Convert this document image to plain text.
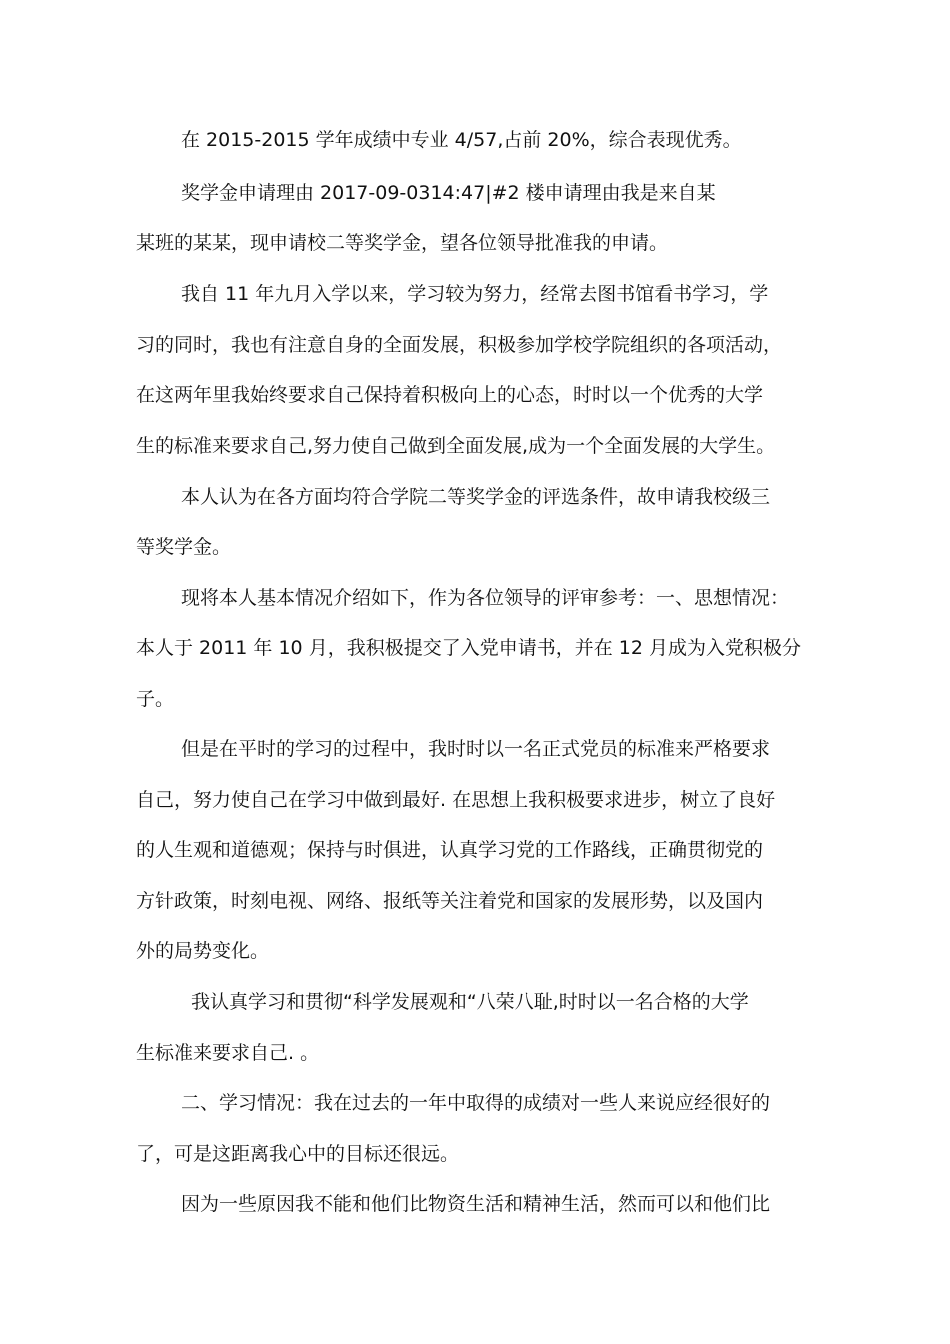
在 2015-2015 学年成绩中专业 4/57,占前 20%，综合表现优秀。
奖学金申请理由 2017-09-0314:47|#2 楼申请理由我是来自某
某班的某某，现申请校二等奖学金，望各位领导批准我的申请。
我自 11 年九月入学以来，学习较为努力，经常去图书馆看书学习，学
习的同时，我也有注意自身的全面发展，积极参加学校学院组织的各项活动，
在这两年里我始终要求自己保持着积极向上的心态，时时以一个优秀的大学
生的标准来要求自己,努力使自己做到全面发展,成为一个全面发展的大学生。
本人认为在各方面均符合学院二等奖学金的评选条件，故申请我校级三
等奖学金。
现将本人基本情况介绍如下，作为各位领导的评审参考：一、思想情况：
本人于 2011 年 10 月，我积极提交了入党申请书，并在 12 月成为入党积极分
子。
但是在平时的学习的过程中，我时时以一名正式党员的标准来严格要求
自己，努力使自己在学习中做到最好. 在思想上我积极要求进步，树立了良好
的人生观和道德观；保持与时俱进，认真学习党的工作路线，正确贯彻党的
方针政策，时刻电视、网络、报纸等关注着党和国家的发展形势，以及国内
外的局势变化。
我认真学习和贯彻“科学发展观和“八荣八耻,时时以一名合格的大学
生标准来要求自己. 。
二、学习情况：我在过去的一年中取得的成绩对一些人来说应经很好的
了，可是这距离我心中的目标还很远。
因为一些原因我不能和他们比物资生活和精神生活，然而可以和他们比
